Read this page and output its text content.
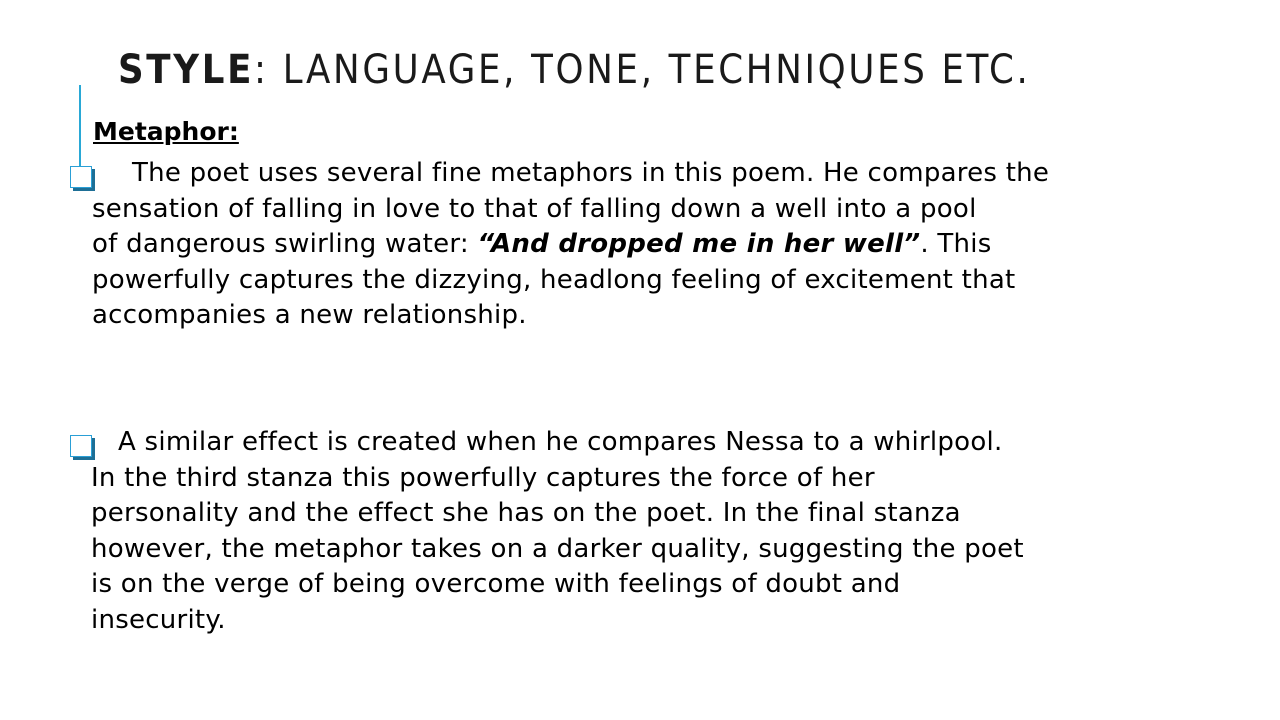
STYLE: LANGUAGE, TONE, TECHNIQUES ETC.
Metaphor:

The poet uses several fine metaphors in this poem. He compares the
sensation of falling in love to that of falling down a well into a pool
of dangerous swirling water: “And dropped me in her well”. This
powerfully captures the dizzying, headlong feeling of excitement that
accompanies a new relationship.

A similar effect is created when he compares Nessa to a whirlpool.
In the third stanza this powerfully captures the force of her
personality and the effect she has on the poet. In the final stanza
however, the metaphor takes on a darker quality, suggesting the poet
is on the verge of being overcome with feelings of doubt and
insecurity.
